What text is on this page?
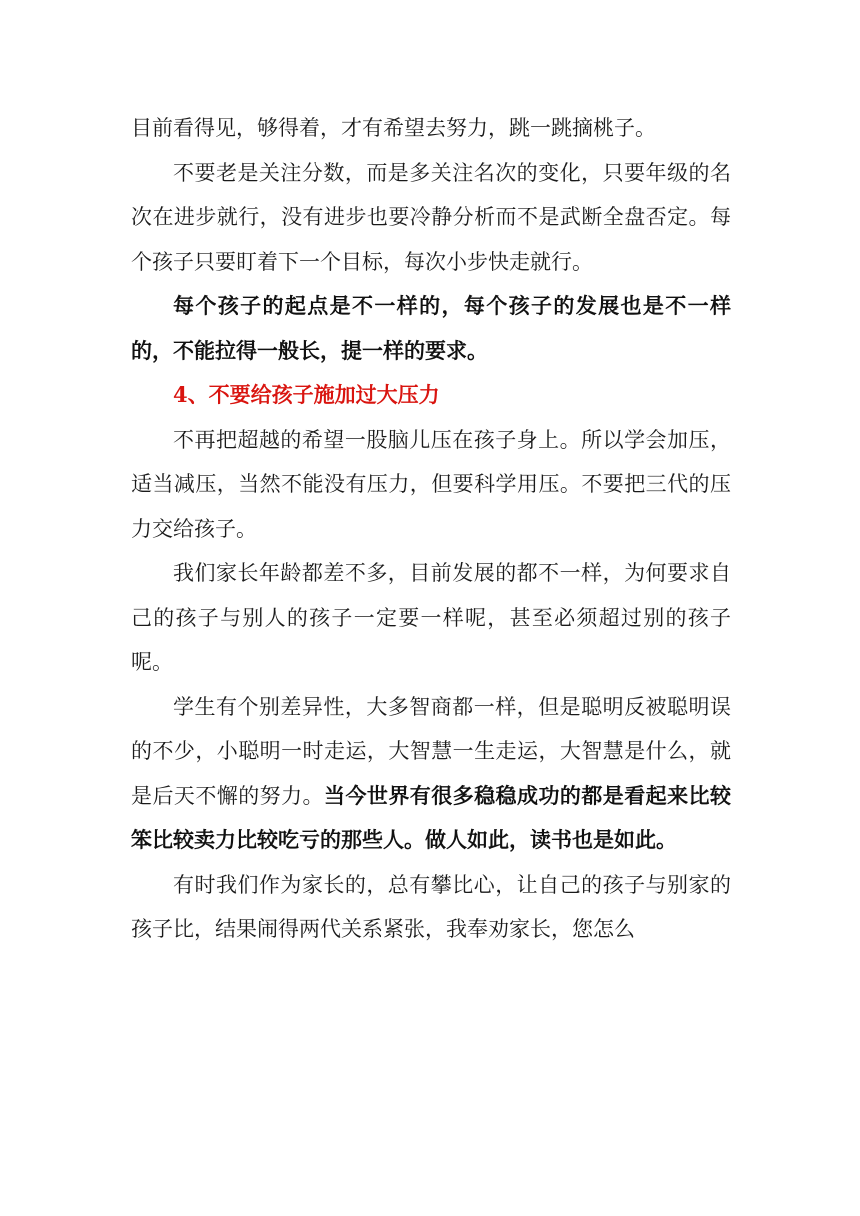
目前看得见，够得着，才有希望去努力，跳一跳摘桃子。

不要老是关注分数，而是多关注名次的变化，只要年级的名次在进步就行，没有进步也要冷静分析而不是武断全盘否定。每个孩子只要盯着下一个目标，每次小步快走就行。

每个孩子的起点是不一样的，每个孩子的发展也是不一样的，不能拉得一般长，提一样的要求。

4、不要给孩子施加过大压力

不再把超越的希望一股脑儿压在孩子身上。所以学会加压，适当减压，当然不能没有压力，但要科学用压。不要把三代的压力交给孩子。

我们家长年龄都差不多，目前发展的都不一样，为何要求自己的孩子与别人的孩子一定要一样呢，甚至必须超过别的孩子呢。

学生有个别差异性，大多智商都一样，但是聪明反被聪明误的不少，小聪明一时走运，大智慧一生走运，大智慧是什么，就是后天不懈的努力。当今世界有很多稳稳成功的都是看起来比较笨比较卖力比较吃亏的那些人。做人如此，读书也是如此。

有时我们作为家长的，总有攀比心，让自己的孩子与别家的孩子比，结果闹得两代关系紧张，我奉劝家长，您怎么
